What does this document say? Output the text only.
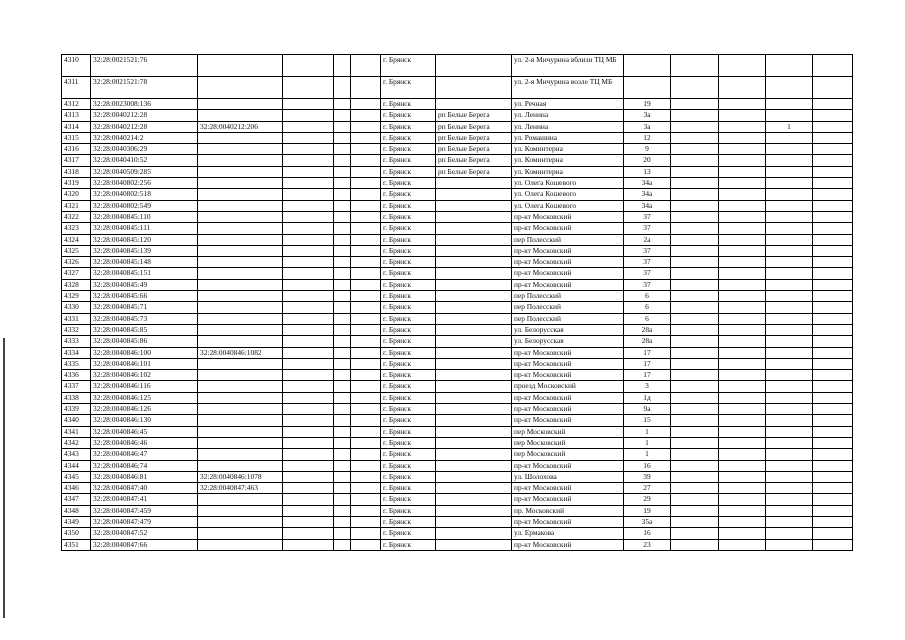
4310	32:28:0021521:76					г. Брянск		ул. 2-я Мичурина вблизи ТЦ МБ					
4311	32:28:0021521:78					г. Брянск		ул. 2-я Мичурина возле ТЦ МБ					
4312	32:28:0023008:136					г. Брянск		ул. Речная	19				
4313	32:28:0040212:28					г. Брянск	рп Белые Берега	ул. Ленина	3а				
4314	32:28:0040212:28	32:28:0040212:206				г. Брянск	рп Белые Берега	ул. Ленина	3а			1	
4315	32:28:0040214:2					г. Брянск	рп Белые Берега	ул. Ромашина	12				
4316	32:28:0040306:29					г. Брянск	рп Белые Берега	ул. Коминтерна	9				
4317	32:28:0040410:52					г. Брянск	рп Белые Берега	ул. Коминтерна	20				
4318	32:28:0040509:285					г. Брянск	рп Белые Берега	ул. Коминтерна	13				
4319	32:28:0040802:256					г. Брянск		ул. Олега Кошевого	34а				
4320	32:28:0040802:518					г. Брянск		ул. Олега Кошевого	34а				
4321	32:28:0040802:549					г. Брянск		ул. Олега Кошевого	34а				
4322	32:28:0040845:110					г. Брянск		пр-кт Московский	37				
4323	32:28:0040845:111					г. Брянск		пр-кт Московский	37				
4324	32:28:0040845:120					г. Брянск		пер Полесский	2а				
4325	32:28:0040845:139					г. Брянск		пр-кт Московский	37				
4326	32:28:0040845:148					г. Брянск		пр-кт Московский	37				
4327	32:28:0040845:151					г. Брянск		пр-кт Московский	37				
4328	32:28:0040845:49					г. Брянск		пр-кт Московский	37				
4329	32:28:0040845:66					г. Брянск		пер Полесский	6				
4330	32:28:0040845:71					г. Брянск		пер Полесский	6				
4331	32:28:0040845:73					г. Брянск		пер Полесский	6				
4332	32:28:0040845:85					г. Брянск		ул. Белорусская	28а				
4333	32:28:0040845:86					г. Брянск		ул. Белорусская	28а				
4334	32:28:0040846:100	32:28:0040846:1082				г. Брянск		пр-кт Московский	17				
4335	32:28:0040846:101					г. Брянск		пр-кт Московский	17				
4336	32:28:0040846:102					г. Брянск		пр-кт Московский	17				
4337	32:28:0040846:116					г. Брянск		проезд Московский	3				
4338	32:28:0040846:125					г. Брянск		пр-кт Московский	1д				
4339	32:28:0040846:126					г. Брянск		пр-кт Московский	9а				
4340	32:28:0040846:130					г. Брянск		пр-кт Московский	15				
4341	32:28:0040846:45					г. Брянск		пер Московский	1				
4342	32:28:0040846:46					г. Брянск		пер Московский	1				
4343	32:28:0040846:47					г. Брянск		пер Московский	1				
4344	32:28:0040846:74					г. Брянск		пр-кт Московский	16				
4345	32:28:0040846:81	32:28:0040846:1078				г. Брянск		ул. Шолохова	39				
4346	32:28:0040847:40	32:28:0040847:463				г. Брянск		пр-кт Московский	27				
4347	32:28:0040847:41					г. Брянск		пр-кт Московский	29				
4348	32:28:0040847:459					г. Брянск		пр. Московский	19				
4349	32:28:0040847:479					г. Брянск		пр-кт Московский	35а				
4350	32:28:0040847:52					г. Брянск		ул. Ермакова	16				
4351	32:28:0040847:66					г. Брянск		пр-кт Московский	23				
